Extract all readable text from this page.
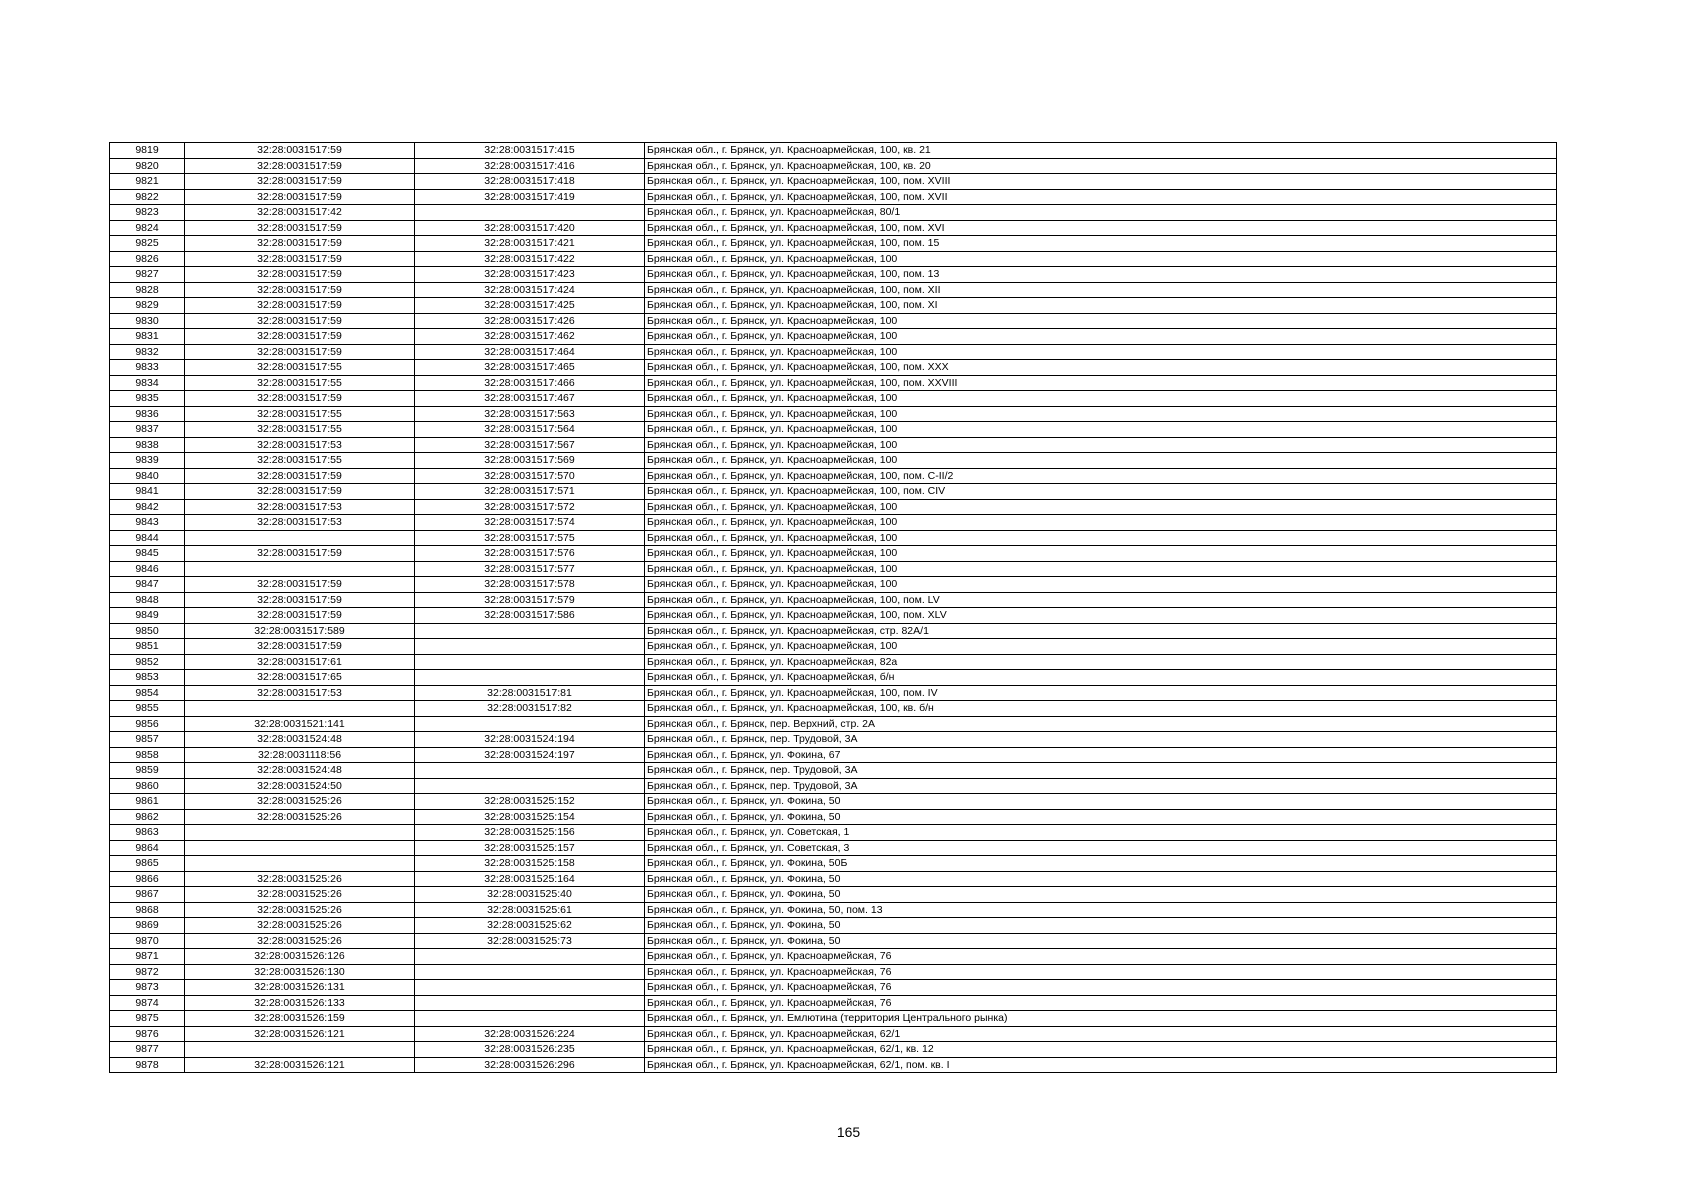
9819	32:28:0031517:59	32:28:0031517:415	Брянская обл., г. Брянск, ул. Красноармейская, 100, кв. 21
9820	32:28:0031517:59	32:28:0031517:416	Брянская обл., г. Брянск, ул. Красноармейская, 100, кв. 20
9821	32:28:0031517:59	32:28:0031517:418	Брянская обл., г. Брянск, ул. Красноармейская, 100, пом. XVIII
9822	32:28:0031517:59	32:28:0031517:419	Брянская обл., г. Брянск, ул. Красноармейская, 100, пом. XVII
9823	32:28:0031517:42		Брянская обл., г. Брянск, ул. Красноармейская, 80/1
9824	32:28:0031517:59	32:28:0031517:420	Брянская обл., г. Брянск, ул. Красноармейская, 100, пом. XVI
9825	32:28:0031517:59	32:28:0031517:421	Брянская обл., г. Брянск, ул. Красноармейская, 100, пом. 15
9826	32:28:0031517:59	32:28:0031517:422	Брянская обл., г. Брянск, ул. Красноармейская, 100
9827	32:28:0031517:59	32:28:0031517:423	Брянская обл., г. Брянск, ул. Красноармейская, 100, пом. 13
9828	32:28:0031517:59	32:28:0031517:424	Брянская обл., г. Брянск, ул. Красноармейская, 100, пом. XII
9829	32:28:0031517:59	32:28:0031517:425	Брянская обл., г. Брянск, ул. Красноармейская, 100, пом. XI
9830	32:28:0031517:59	32:28:0031517:426	Брянская обл., г. Брянск, ул. Красноармейская, 100
9831	32:28:0031517:59	32:28:0031517:462	Брянская обл., г. Брянск, ул. Красноармейская, 100
9832	32:28:0031517:59	32:28:0031517:464	Брянская обл., г. Брянск, ул. Красноармейская, 100
9833	32:28:0031517:55	32:28:0031517:465	Брянская обл., г. Брянск, ул. Красноармейская, 100, пом. XXX
9834	32:28:0031517:55	32:28:0031517:466	Брянская обл., г. Брянск, ул. Красноармейская, 100, пом. XXVIII
9835	32:28:0031517:59	32:28:0031517:467	Брянская обл., г. Брянск, ул. Красноармейская, 100
9836	32:28:0031517:55	32:28:0031517:563	Брянская обл., г. Брянск, ул. Красноармейская, 100
9837	32:28:0031517:55	32:28:0031517:564	Брянская обл., г. Брянск, ул. Красноармейская, 100
9838	32:28:0031517:53	32:28:0031517:567	Брянская обл., г. Брянск, ул. Красноармейская, 100
9839	32:28:0031517:55	32:28:0031517:569	Брянская обл., г. Брянск, ул. Красноармейская, 100
9840	32:28:0031517:59	32:28:0031517:570	Брянская обл., г. Брянск, ул. Красноармейская, 100, пом. С-II/2
9841	32:28:0031517:59	32:28:0031517:571	Брянская обл., г. Брянск, ул. Красноармейская, 100, пом. CIV
9842	32:28:0031517:53	32:28:0031517:572	Брянская обл., г. Брянск, ул. Красноармейская, 100
9843	32:28:0031517:53	32:28:0031517:574	Брянская обл., г. Брянск, ул. Красноармейская, 100
9844		32:28:0031517:575	Брянская обл., г. Брянск, ул. Красноармейская, 100
9845	32:28:0031517:59	32:28:0031517:576	Брянская обл., г. Брянск, ул. Красноармейская, 100
9846		32:28:0031517:577	Брянская обл., г. Брянск, ул. Красноармейская, 100
9847	32:28:0031517:59	32:28:0031517:578	Брянская обл., г. Брянск, ул. Красноармейская, 100
9848	32:28:0031517:59	32:28:0031517:579	Брянская обл., г. Брянск, ул. Красноармейская, 100, пом. LV
9849	32:28:0031517:59	32:28:0031517:586	Брянская обл., г. Брянск, ул. Красноармейская, 100, пом. XLV
9850	32:28:0031517:589		Брянская обл., г. Брянск, ул. Красноармейская, стр. 82А/1
9851	32:28:0031517:59		Брянская обл., г. Брянск, ул. Красноармейская, 100
9852	32:28:0031517:61		Брянская обл., г. Брянск, ул. Красноармейская, 82а
9853	32:28:0031517:65		Брянская обл., г. Брянск, ул. Красноармейская, б/н
9854	32:28:0031517:53	32:28:0031517:81	Брянская обл., г. Брянск, ул. Красноармейская, 100, пом. IV
9855		32:28:0031517:82	Брянская обл., г. Брянск, ул. Красноармейская, 100, кв. б/н
9856	32:28:0031521:141		Брянская обл., г. Брянск, пер. Верхний, стр. 2А
9857	32:28:0031524:48	32:28:0031524:194	Брянская обл., г. Брянск, пер. Трудовой, 3А
9858	32:28:0031118:56	32:28:0031524:197	Брянская обл., г. Брянск, ул. Фокина, 67
9859	32:28:0031524:48		Брянская обл., г. Брянск, пер. Трудовой, 3А
9860	32:28:0031524:50		Брянская обл., г. Брянск, пер. Трудовой, 3А
9861	32:28:0031525:26	32:28:0031525:152	Брянская обл., г. Брянск, ул. Фокина, 50
9862	32:28:0031525:26	32:28:0031525:154	Брянская обл., г. Брянск, ул. Фокина, 50
9863		32:28:0031525:156	Брянская обл., г. Брянск, ул. Советская, 1
9864		32:28:0031525:157	Брянская обл., г. Брянск, ул. Советская, 3
9865		32:28:0031525:158	Брянская обл., г. Брянск, ул. Фокина, 50Б
9866	32:28:0031525:26	32:28:0031525:164	Брянская обл., г. Брянск, ул. Фокина, 50
9867	32:28:0031525:26	32:28:0031525:40	Брянская обл., г. Брянск, ул. Фокина, 50
9868	32:28:0031525:26	32:28:0031525:61	Брянская обл., г. Брянск, ул. Фокина, 50, пом. 13
9869	32:28:0031525:26	32:28:0031525:62	Брянская обл., г. Брянск, ул. Фокина, 50
9870	32:28:0031525:26	32:28:0031525:73	Брянская обл., г. Брянск, ул. Фокина, 50
9871	32:28:0031526:126		Брянская обл., г. Брянск, ул. Красноармейская, 76
9872	32:28:0031526:130		Брянская обл., г. Брянск, ул. Красноармейская, 76
9873	32:28:0031526:131		Брянская обл., г. Брянск, ул. Красноармейская, 76
9874	32:28:0031526:133		Брянская обл., г. Брянск, ул. Красноармейская, 76
9875	32:28:0031526:159		Брянская обл., г. Брянск, ул. Емлютина (территория Центрального рынка)
9876	32:28:0031526:121	32:28:0031526:224	Брянская обл., г. Брянск, ул. Красноармейская, 62/1
9877		32:28:0031526:235	Брянская обл., г. Брянск, ул. Красноармейская, 62/1, кв. 12
9878	32:28:0031526:121	32:28:0031526:296	Брянская обл., г. Брянск, ул. Красноармейская, 62/1, пом. кв. I
165
